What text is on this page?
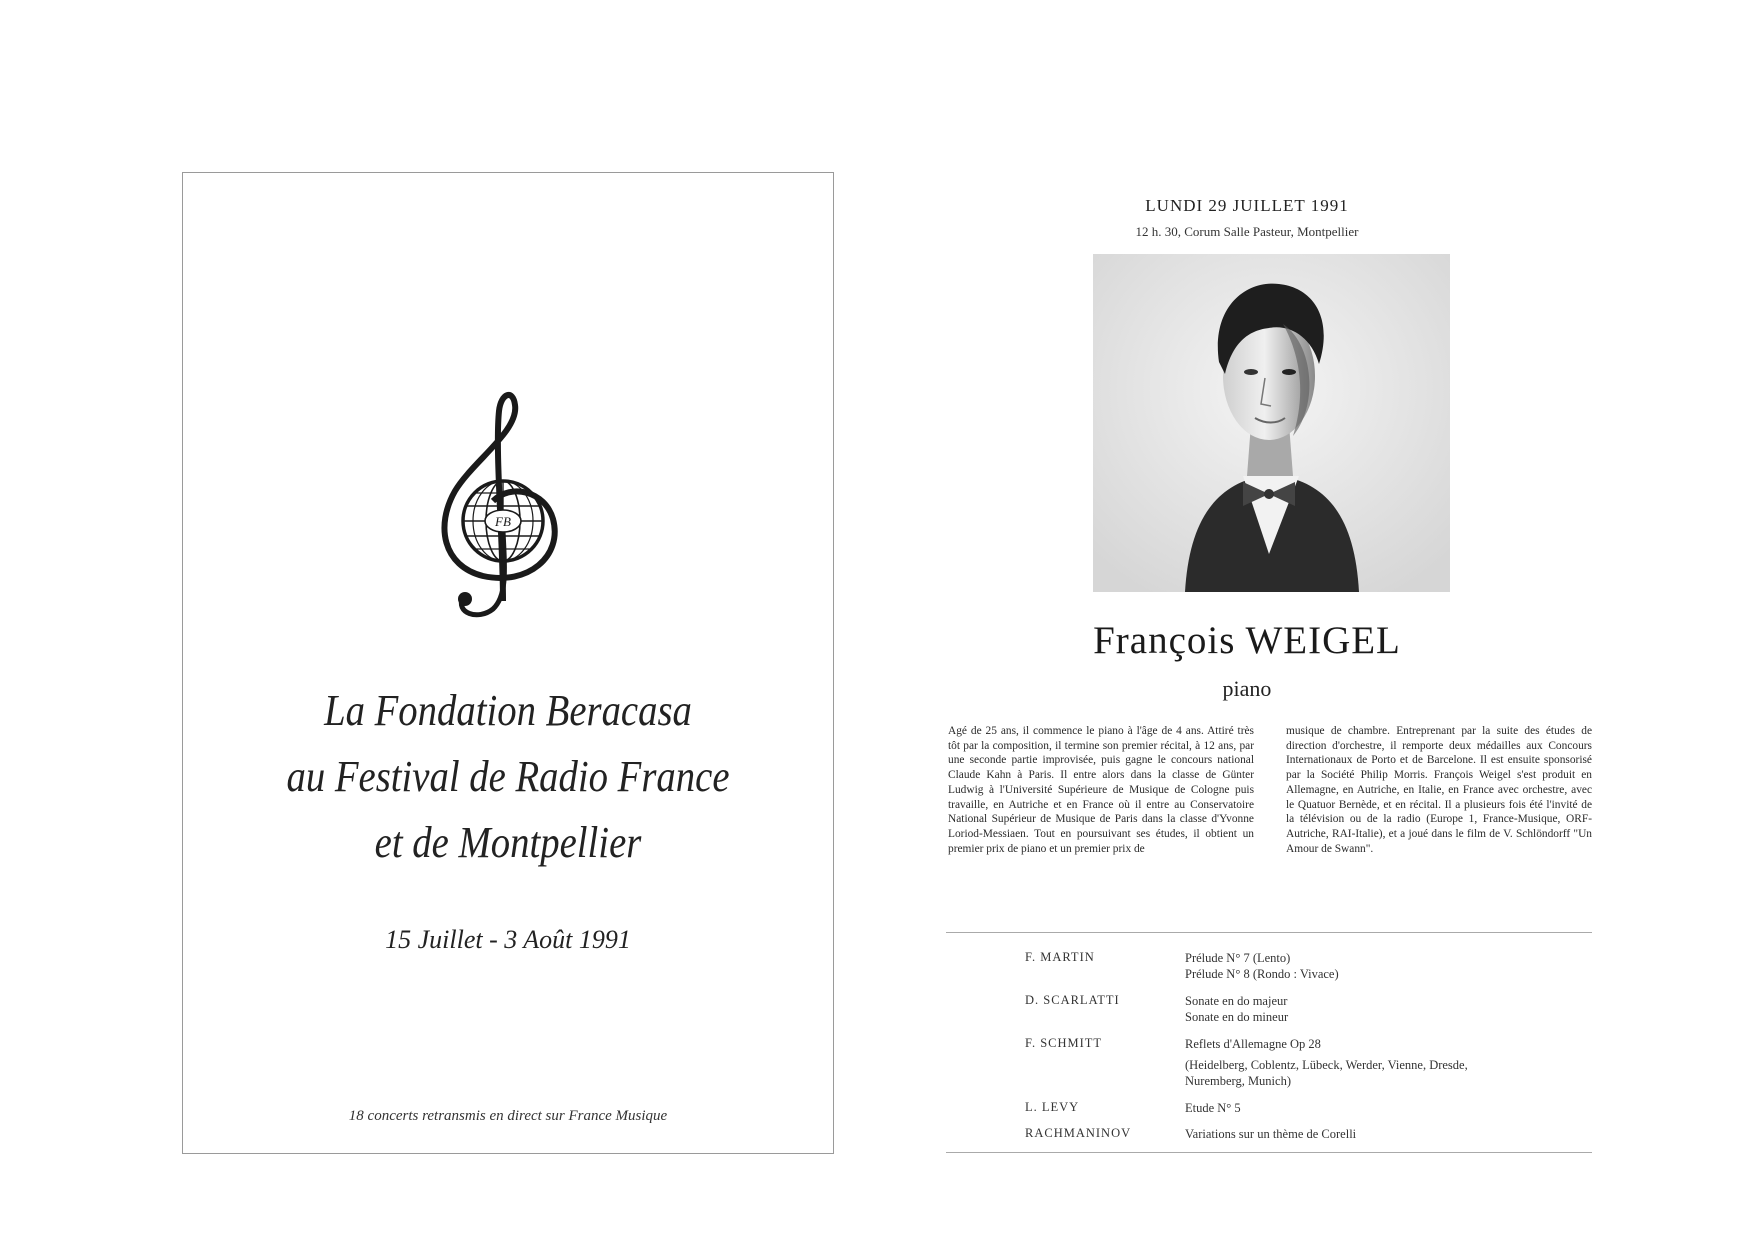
FB
La Fondation Beracasa
au Festival de Radio France
et de Montpellier
15 Juillet - 3 Août 1991
18 concerts retransmis en direct sur France Musique
LUNDI 29 JUILLET 1991
12 h. 30, Corum Salle Pasteur, Montpellier
François WEIGEL
piano

Agé de 25 ans, il commence le piano à l'âge de 4 ans. Attiré très tôt par la composition, il termine son premier récital, à 12 ans, par une seconde partie improvisée, puis gagne le concours national Claude Kahn à Paris. Il entre alors dans la classe de Günter Ludwig à l'Université Supérieure de Musique de Cologne puis travaille, en Autriche et en France où il entre au Conservatoire National Supérieur de Musique de Paris dans la classe d'Yvonne Loriod-Messiaen. Tout en poursuivant ses études, il obtient un premier prix de piano et un premier prix de

musique de chambre. Entreprenant par la suite des études de direction d'orchestre, il remporte deux médailles aux Concours Internationaux de Porto et de Barcelone. Il est ensuite sponsorisé par la Société Philip Morris. François Weigel s'est produit en Allemagne, en Autriche, en Italie, en France avec orchestre, avec le Quatuor Bernède, et en récital. Il a plusieurs fois été l'invité de la télévision ou de la radio (Europe 1, France-Musique, ORF-Autriche, RAI-Italie), et a joué dans le film de V. Schlöndorff "Un Amour de Swann".

F. MARTIN	Prélude N° 7 (Lento)
Prélude N° 8 (Rondo : Vivace)
D. SCARLATTI	Sonate en do majeur
Sonate en do mineur
F. SCHMITT	Reflets d'Allemagne Op 28
(Heidelberg, Coblentz, Lübeck, Werder, Vienne, Dresde,
Nuremberg, Munich)
L. LEVY	Etude N° 5
RACHMANINOV	Variations sur un thème de Corelli
